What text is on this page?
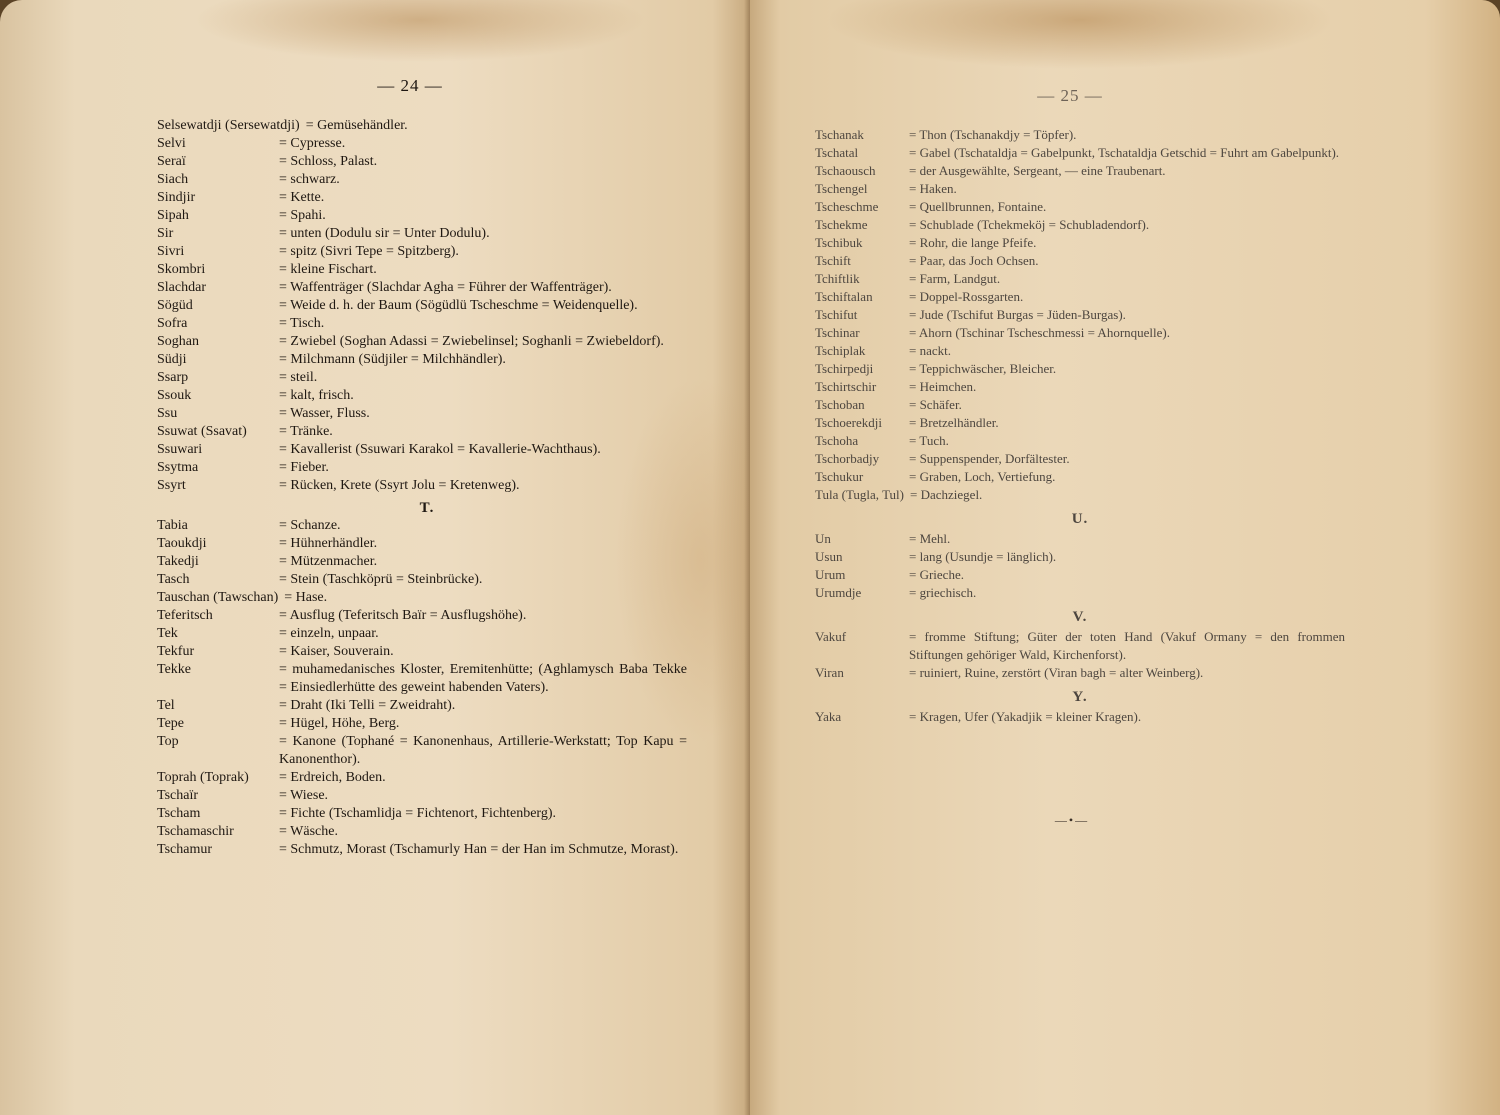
— 24 —
Selsewatdji (Sersewatdji) = Gemüsehändler.
Selvi	= Cypresse.
Seraï	= Schloss, Palast.
Siach	= schwarz.
Sindjir	= Kette.
Sipah	= Spahi.
Sir	= unten (Dodulu sir = Unter Dodulu).
Sivri	= spitz (Sivri Tepe = Spitzberg).
Skombri	= kleine Fischart.
Slachdar	= Waffenträger (Slachdar Agha = Führer der Waffenträger).
Sögüd	= Weide d. h. der Baum (Sögüdlü Tscheschme = Weidenquelle).
Sofra	= Tisch.
Soghan	= Zwiebel (Soghan Adassi = Zwiebelinsel; Soghanli = Zwiebeldorf).
Südji	= Milchmann (Südjiler = Milchhändler).
Ssarp	= steil.
Ssouk	= kalt, frisch.
Ssu	= Wasser, Fluss.
Ssuwat (Ssavat)	= Tränke.
Ssuwari	= Kavallerist (Ssuwari Karakol = Kavallerie-Wachthaus).
Ssytma	= Fieber.
Ssyrt	= Rücken, Krete (Ssyrt Jolu = Kretenweg).
T.
Tabia	= Schanze.
Taoukdji	= Hühnerhändler.
Takedji	= Mützenmacher.
Tasch	= Stein (Taschköprü = Steinbrücke).
Tauschan (Tawschan) = Hase.
Teferitsch	= Ausflug (Teferitsch Baïr = Ausflugshöhe).
Tek	= einzeln, unpaar.
Tekfur	= Kaiser, Souverain.
Tekke	= muhamedanisches Kloster, Eremitenhütte; (Aghlamysch Baba Tekke = Einsiedlerhütte des geweint habenden Vaters).
Tel	= Draht (Iki Telli = Zweidraht).
Tepe	= Hügel, Höhe, Berg.
Top	= Kanone (Tophané = Kanonenhaus, Artillerie-Werkstatt; Top Kapu = Kanonenthor).
Toprah (Toprak)	= Erdreich, Boden.
Tschaïr	= Wiese.
Tscham	= Fichte (Tschamlidja = Fichtenort, Fichtenberg).
Tschamaschir	= Wäsche.
Tschamur	= Schmutz, Morast (Tschamurly Han = der Han im Schmutze, Morast).
— 25 —
Tschanak	= Thon (Tschanakdjy = Töpfer).
Tschatal	= Gabel (Tschataldja = Gabelpunkt, Tschataldja Getschid = Fuhrt am Gabelpunkt).
Tschaousch	= der Ausgewählte, Sergeant, — eine Traubenart.
Tschengel	= Haken.
Tscheschme	= Quellbrunnen, Fontaine.
Tschekme	= Schublade (Tchekmeköj = Schubladendorf).
Tschibuk	= Rohr, die lange Pfeife.
Tschift	= Paar, das Joch Ochsen.
Tchiftlik	= Farm, Landgut.
Tschiftalan	= Doppel-Rossgarten.
Tschifut	= Jude (Tschifut Burgas = Jüden-Burgas).
Tschinar	= Ahorn (Tschinar Tscheschmessi = Ahornquelle).
Tschiplak	= nackt.
Tschirpedji	= Teppichwäscher, Bleicher.
Tschirtschir	= Heimchen.
Tschoban	= Schäfer.
Tschoerekdji	= Bretzelhändler.
Tschoha	= Tuch.
Tschorbadjy	= Suppenspender, Dorfältester.
Tschukur	= Graben, Loch, Vertiefung.
Tula (Tugla, Tul) = Dachziegel.
U.
Un	= Mehl.
Usun	= lang (Usundje = länglich).
Urum	= Grieche.
Urumdje	= griechisch.
V.
Vakuf	= fromme Stiftung; Güter der toten Hand (Vakuf Ormany = den frommen Stiftungen gehöriger Wald, Kirchenforst).
Viran	= ruiniert, Ruine, zerstört (Viran bagh = alter Weinberg).
Y.
Yaka	= Kragen, Ufer (Yakadjik = kleiner Kragen).
—•—
